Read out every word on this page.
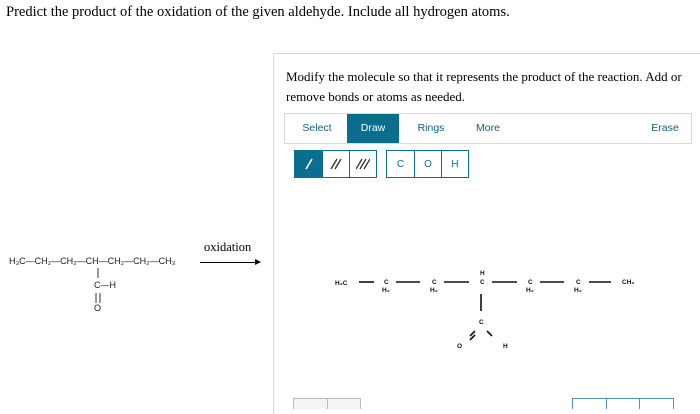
Predict the product of the oxidation of the given aldehyde. Include all hydrogen atoms.
H₃C—CH₂—CH₂—CH—CH₂—CH₂—CH₃
C—H
O
oxidation
Modify the molecule so that it represents the product of the reaction. Add or remove bonds or atoms as needed.
Select	Draw	Rings	More	Erase
C	O	H
H₃C	C
H₂
C
H₂
C
H
C
H₂
C
H₂
CH₃
C
O	H
